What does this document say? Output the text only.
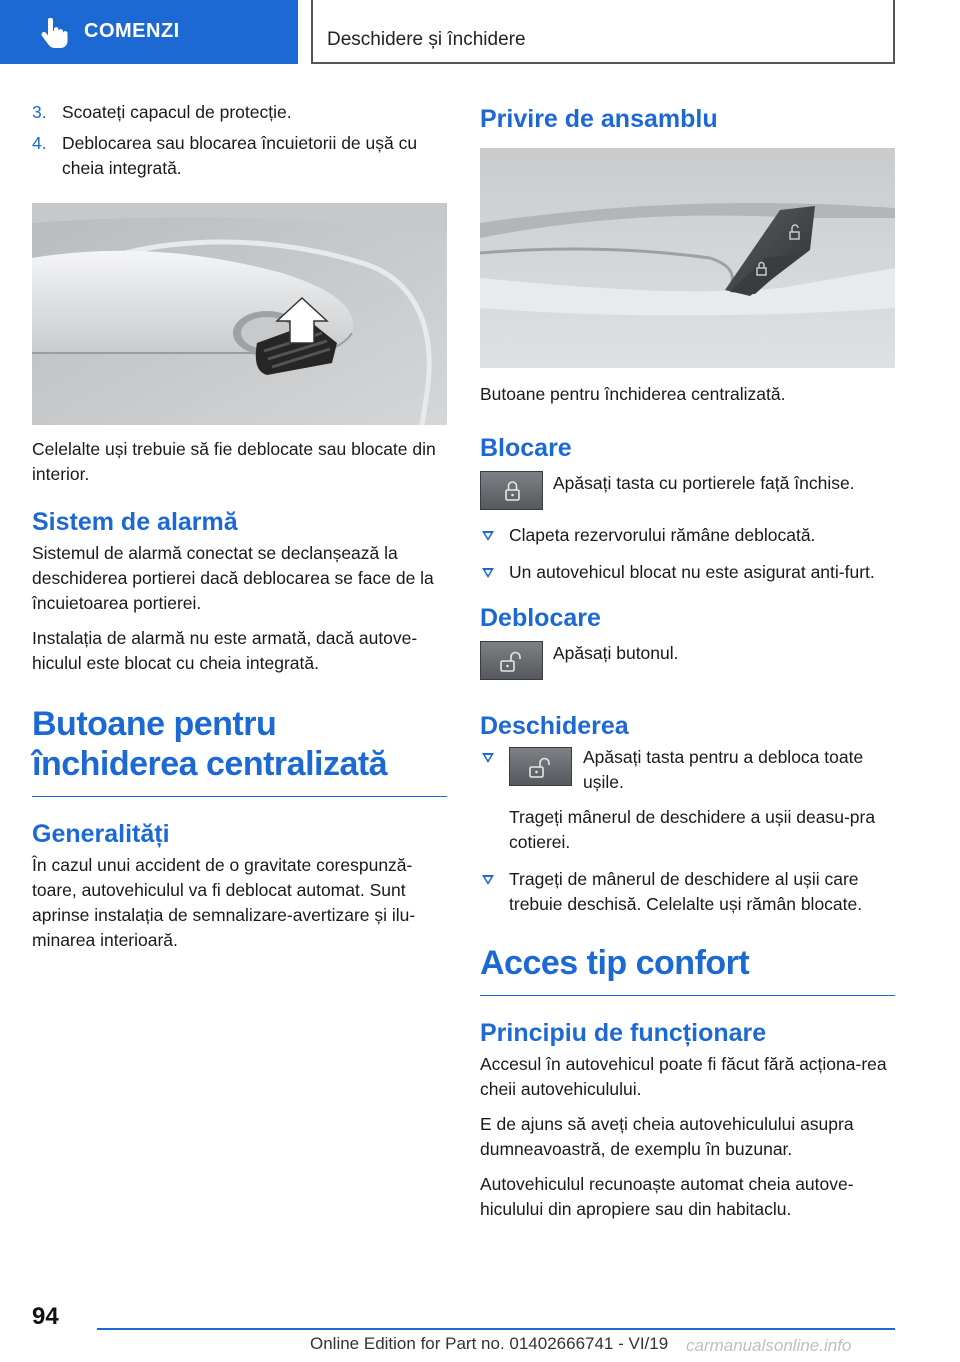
COMENZI	Deschidere și închidere
3. Scoateți capacul de protecție.
4. Deblocarea sau blocarea încuietorii de ușă cu cheia integrată.

Celelalte uși trebuie să fie deblocate sau blocate din interior.

Sistem de alarmă

Sistemul de alarmă conectat se declanșează la deschiderea portierei dacă deblocarea se face de la încuietoarea portierei.

Instalația de alarmă nu este armată, dacă autove-hiculul este blocat cu cheia integrată.

Butoane pentru închiderea centralizată
Generalități

În cazul unui accident de o gravitate corespunză-toare, autovehiculul va fi deblocat automat. Sunt aprinse instalația de semnalizare-avertizare și ilu-minarea interioară.

Privire de ansamblu

Butoane pentru închiderea centralizată.

Blocare
Apăsați tasta cu portierele față închise.
Clapeta rezervorului rămâne deblocată.
Un autovehicul blocat nu este asigurat anti-furt.
Deblocare
Apăsați butonul.
Deschiderea
Apăsați tasta pentru a debloca toate ușile.
Trageți mânerul de deschidere a ușii deasu-pra cotierei.
Trageți de mânerul de deschidere al ușii care trebuie deschisă. Celelalte uși rămân blocate.
Acces tip confort
Principiu de funcționare

Accesul în autovehicul poate fi făcut fără acționa-rea cheii autovehiculului.

E de ajuns să aveți cheia autovehiculului asupra dumneavoastră, de exemplu în buzunar.

Autovehiculul recunoaște automat cheia autove-hiculului din apropiere sau din habitaclu.

94
Online Edition for Part no. 01402666741 - VI/19 carmanualsonline.info
